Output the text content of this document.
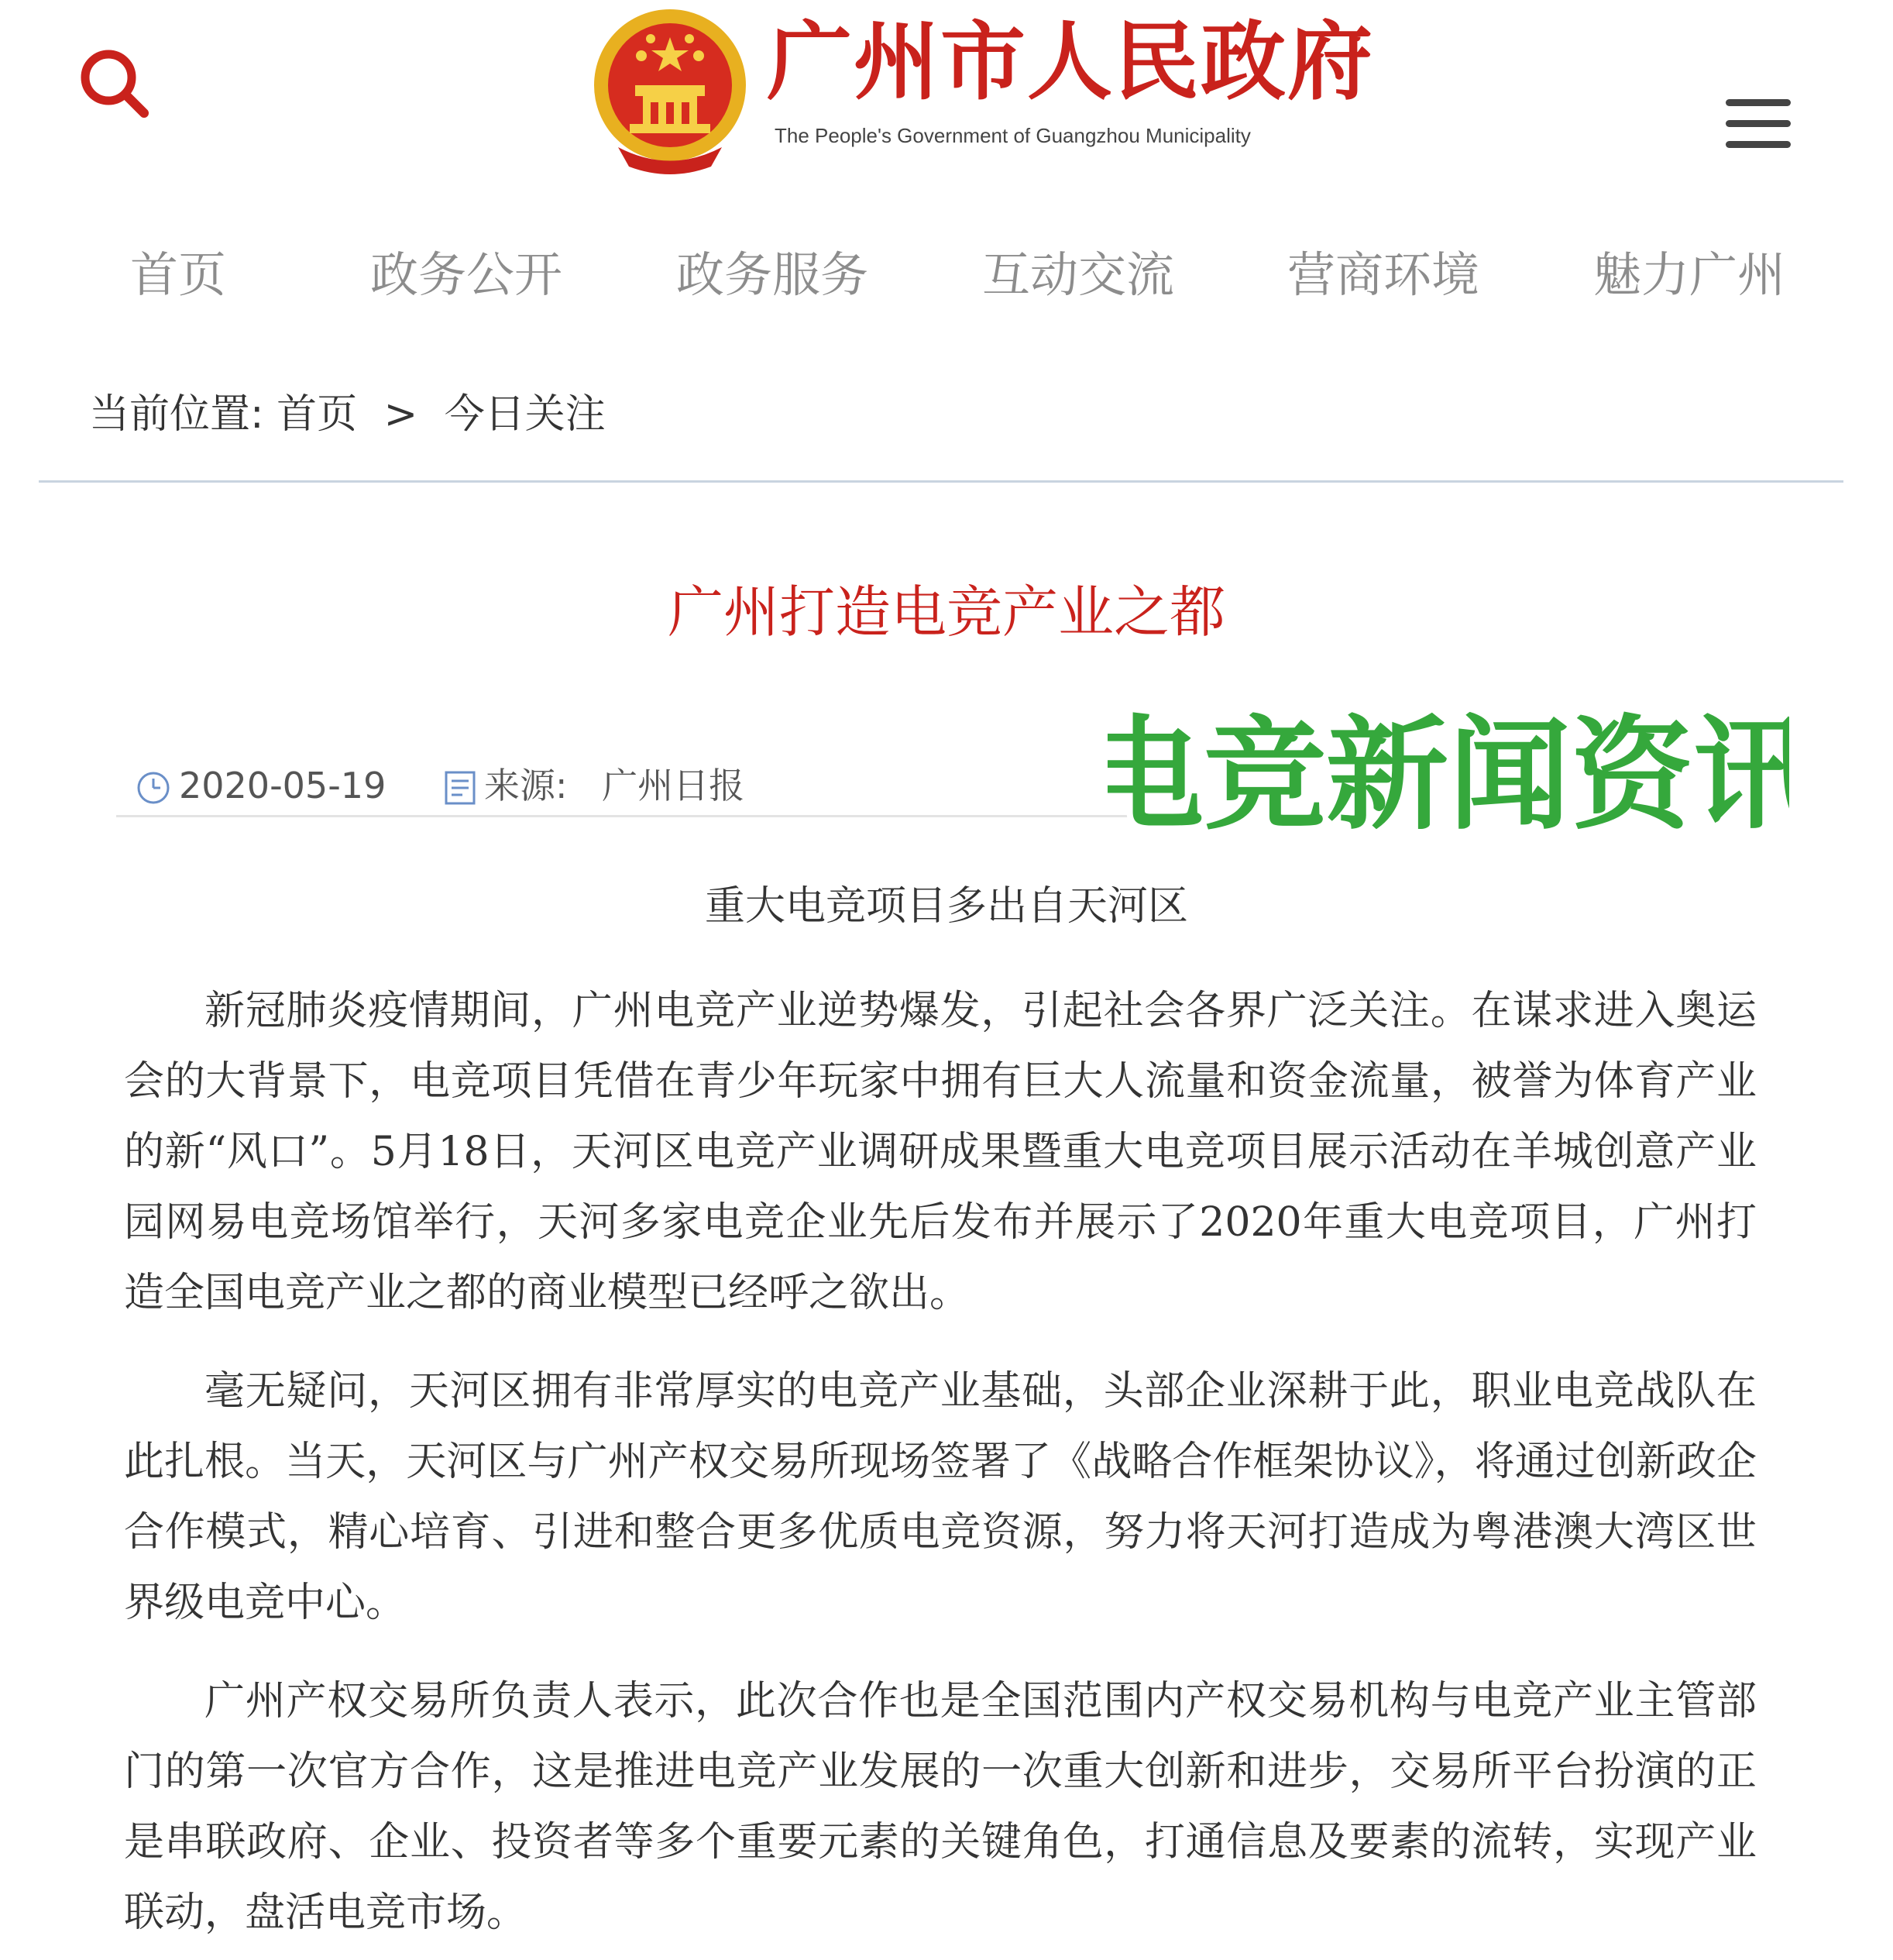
广州市人民政府
The People's Government of Guangzhou Municipality
首页	政务公开 政务服务 互动交流 营商环境 魅力广州
当前位置: 首页 > 今日关注
广州打造电竞产业之都
2020-05-19	来源: 广州日报	电竞新闻资讯
重大电竞项目多出自天河区

新冠肺炎疫情期间，广州电竞产业逆势爆发，引起社会各界广泛关注。在谋求进入奥运会的大背景下，电竞项目凭借在青少年玩家中拥有巨大人流量和资金流量，被誉为体育产业的新“风口”。5月18日，天河区电竞产业调研成果暨重大电竞项目展示活动在羊城创意产业园网易电竞场馆举行，天河多家电竞企业先后发布并展示了2020年重大电竞项目，广州打造全国电竞产业之都的商业模型已经呼之欲出。

毫无疑问，天河区拥有非常厚实的电竞产业基础，头部企业深耕于此，职业电竞战队在此扎根。当天，天河区与广州产权交易所现场签署了《战略合作框架协议》，将通过创新政企合作模式，精心培育、引进和整合更多优质电竞资源，努力将天河打造成为粤港澳大湾区世界级电竞中心。

广州产权交易所负责人表示，此次合作也是全国范围内产权交易机构与电竞产业主管部门的第一次官方合作，这是推进电竞产业发展的一次重大创新和进步，交易所平台扮演的正是串联政府、企业、投资者等多个重要元素的关键角色，打通信息及要素的流转，实现产业联动，盘活电竞市场。
